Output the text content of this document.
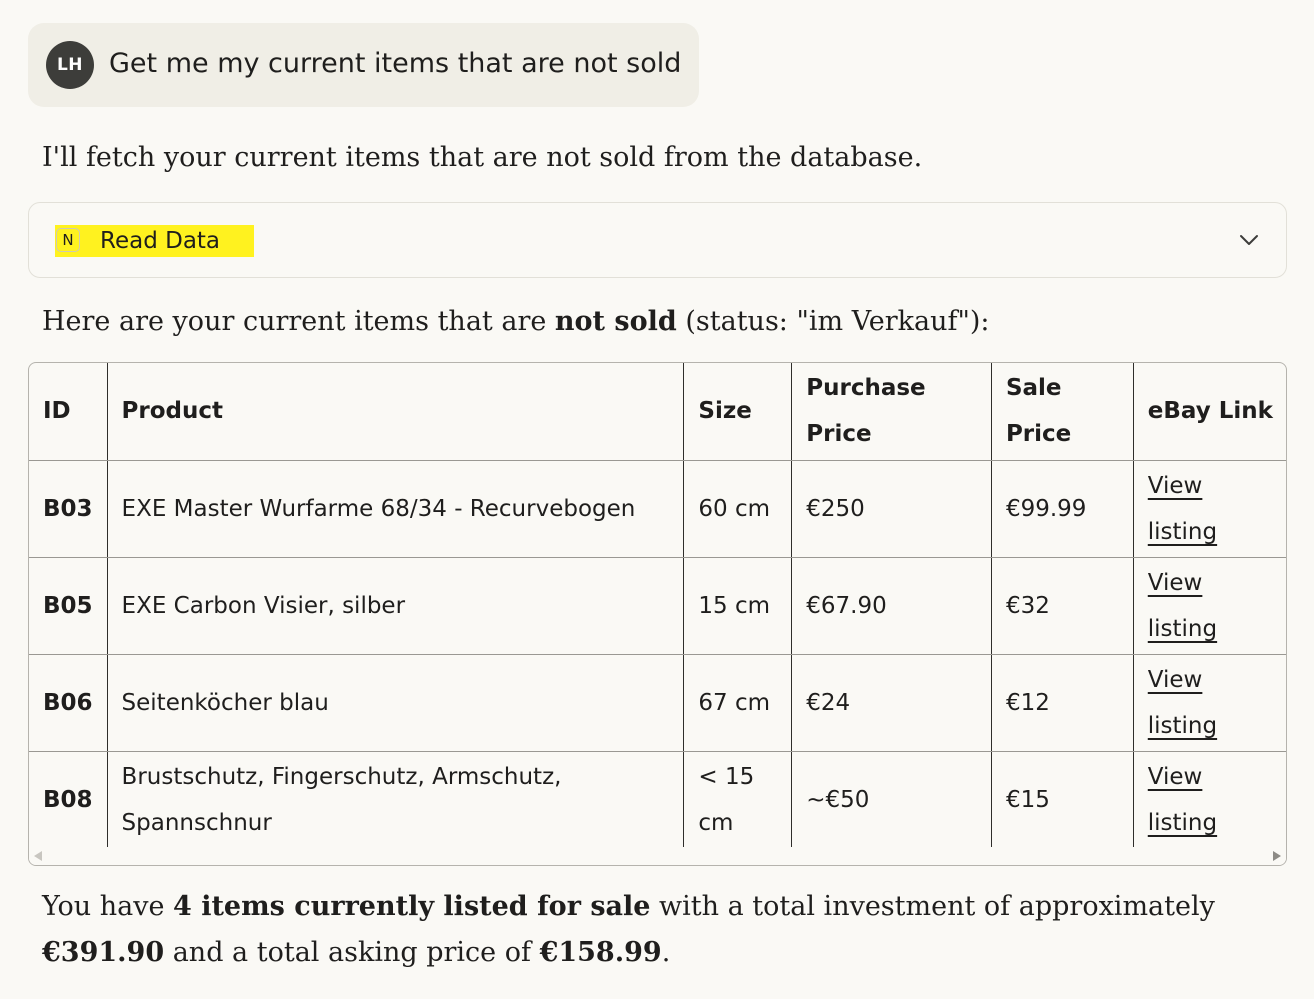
LH Get me my current items that are not sold
I'll fetch your current items that are not sold from the database.
N Read Data
Here are your current items that are not sold (status: "im Verkauf"):
ID	Product	Size	Purchase Price	Sale Price	eBay Link
B03	EXE Master Wurfarme 68/34 - Recurvebogen	60 cm	€250	€99.99	View listing
B05	EXE Carbon Visier, silber	15 cm	€67.90	€32	View listing
B06	Seitenköcher blau	67 cm	€24	€12	View listing
B08	Brustschutz, Fingerschutz, Armschutz, Spannschnur	< 15 cm	~€50	€15	View listing
You have 4 items currently listed for sale with a total investment of approximately
€391.90 and a total asking price of €158.99.
